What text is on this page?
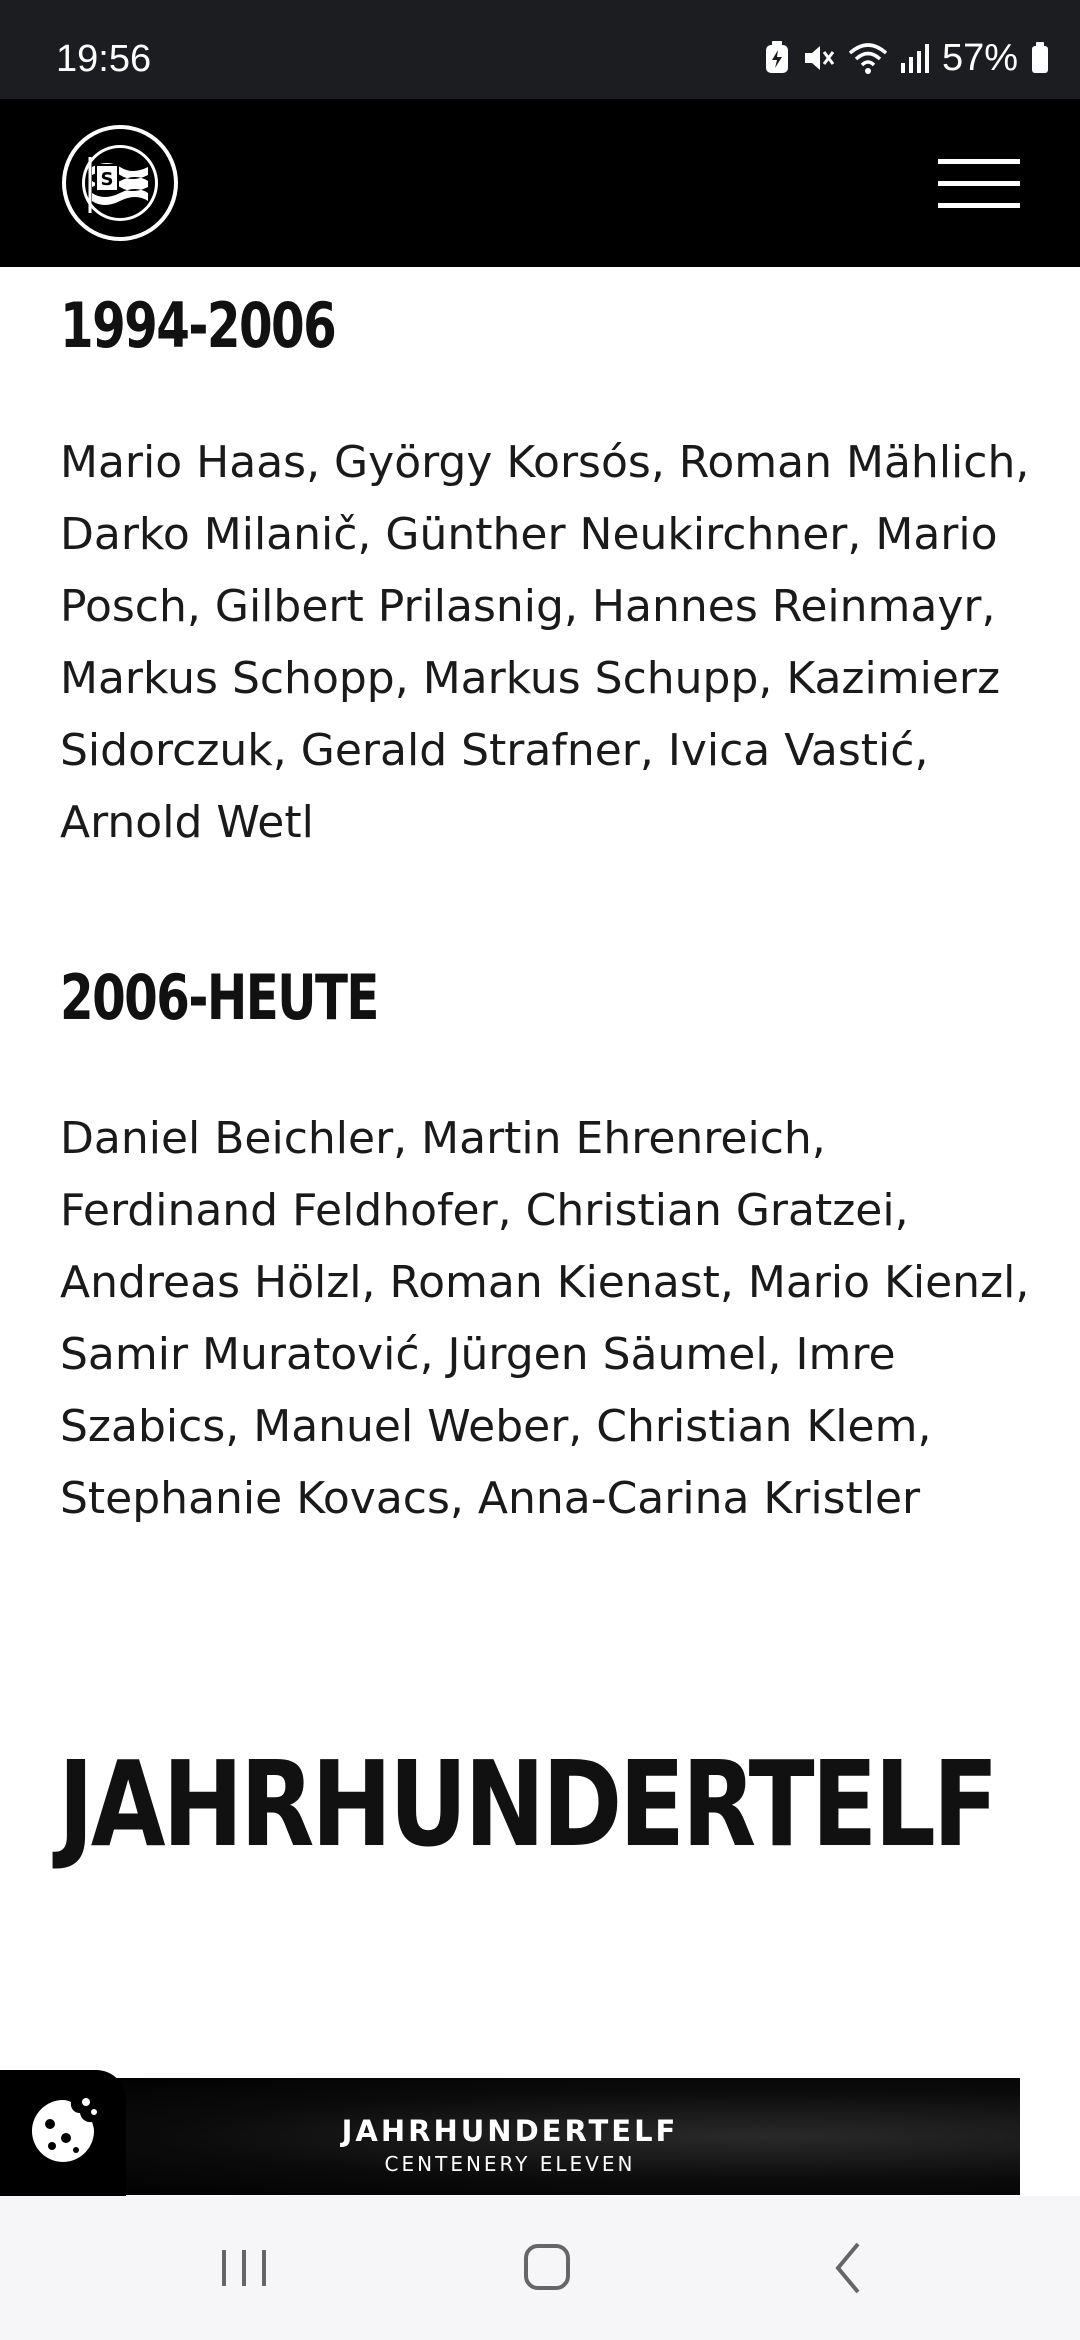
19:56	57%
S
1994-2006
Mario Haas, György Korsós, Roman Mählich, Darko Milanič, Günther Neukirchner, Mario Posch, Gilbert Prilasnig, Hannes Reinmayr, Markus Schopp, Markus Schupp, Kazimierz Sidorczuk, Gerald Strafner, Ivica Vastić, Arnold Wetl
2006-HEUTE
Daniel Beichler, Martin Ehrenreich, Ferdinand Feldhofer, Christian Gratzei, Andreas Hölzl, Roman Kienast, Mario Kienzl, Samir Muratović, Jürgen Säumel, Imre Szabics, Manuel Weber, Christian Klem, Stephanie Kovacs, Anna-Carina Kristler
JAHRHUNDERTELF
JAHRHUNDERTELF
CENTENERY ELEVEN
